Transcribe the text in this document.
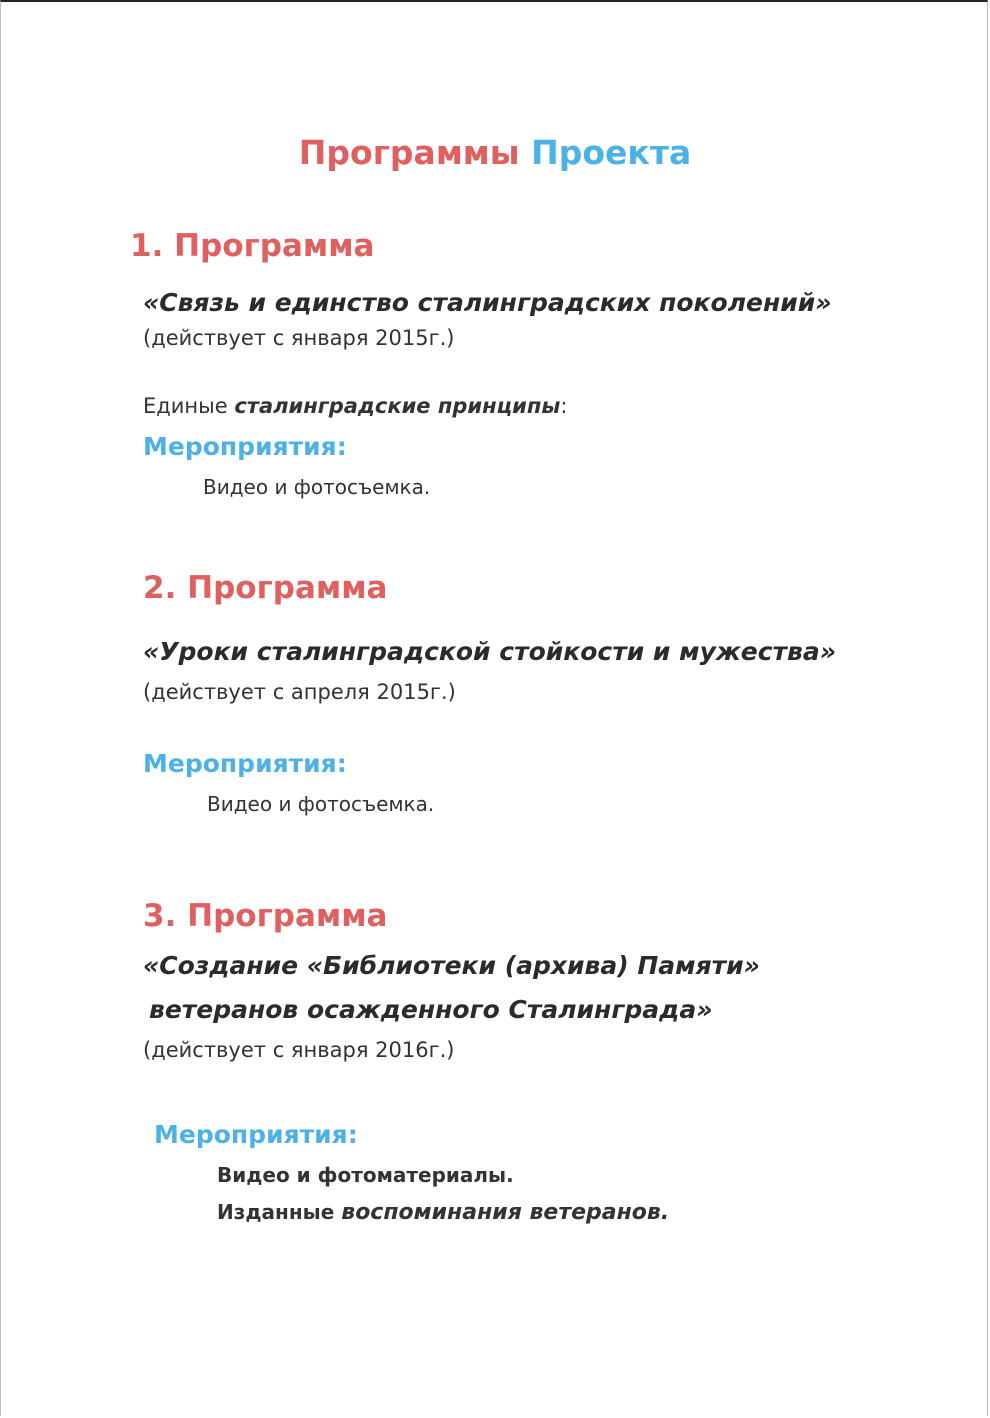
Программы Проекта
1. Программа
«Связь и единство сталинградских поколений»
(действует с января 2015г.)
Единые сталинградские принципы:
Мероприятия:
Видео и фотосъемка.
2. Программа
«Уроки сталинградской стойкости и мужества»
(действует с апреля 2015г.)
Мероприятия:
Видео и фотосъемка.
3. Программа
«Создание «Библиотеки (архива) Памяти»
ветеранов осажденного Сталинграда»
(действует с января 2016г.)
Мероприятия:
Видео и фотоматериалы.
Изданные воспоминания ветеранов.
